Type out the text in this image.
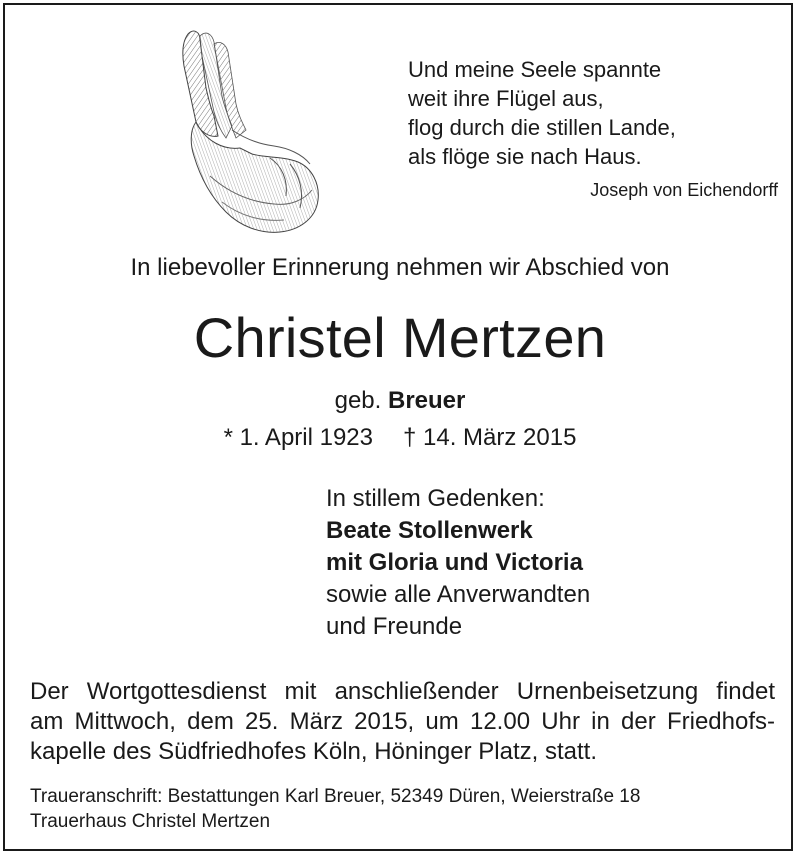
Und meine Seele spannte
weit ihre Flügel aus,
flog durch die stillen Lande,
als flöge sie nach Haus.
Joseph von Eichendorff
In liebevoller Erinnerung nehmen wir Abschied von
Christel Mertzen
geb. Breuer
* 1. April 1923 † 14. März 2015
In stillem Gedenken:
Beate Stollenwerk
mit Gloria und Victoria
sowie alle Anverwandten
und Freunde
Der Wortgottesdienst mit anschließender Urnenbeisetzung findet
am Mittwoch, dem 25. März 2015, um 12.00 Uhr in der Friedhofs-
kapelle des Südfriedhofes Köln, Höninger Platz, statt.
Traueranschrift: Bestattungen Karl Breuer, 52349 Düren, Weierstraße 18
Trauerhaus Christel Mertzen
